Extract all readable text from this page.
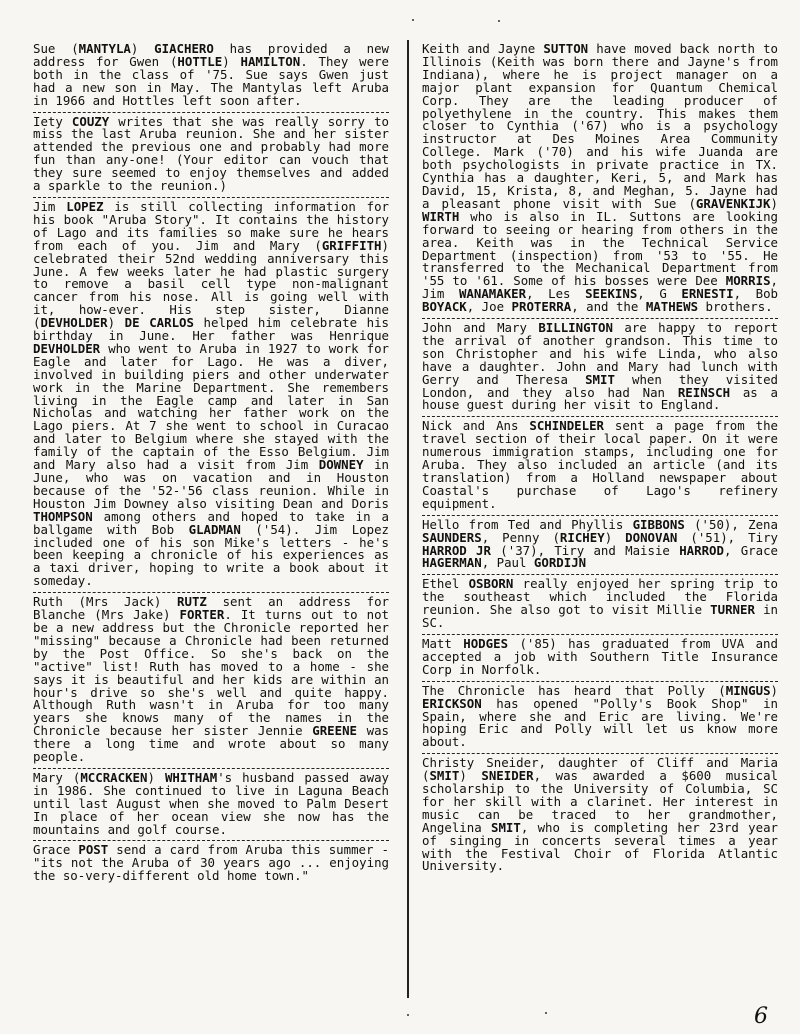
Sue (MANTYLA) GIACHERO has provided a new address for Gwen (HOTTLE) HAMILTON. They were both in the class of '75. Sue says Gwen just had a new son in May. The Mantylas left Aruba in 1966 and Hottles left soon after.

Iety COUZY writes that she was really sorry to miss the last Aruba reunion. She and her sister attended the previous one and probably had more fun than any-one! (Your editor can vouch that they sure seemed to enjoy themselves and added a sparkle to the reunion.)

Jim LOPEZ is still collecting information for his book "Aruba Story". It contains the history of Lago and its families so make sure he hears from each of you. Jim and Mary (GRIFFITH) celebrated their 52nd wedding anniversary this June. A few weeks later he had plastic surgery to remove a basil cell type non-malignant cancer from his nose. All is going well with it, how-ever. His step sister, Dianne (DEVHOLDER) DE CARLOS helped him celebrate his birthday in June. Her father was Henrique DEVHOLDER who went to Aruba in 1927 to work for Eagle and later for Lago. He was a diver, involved in building piers and other underwater work in the Marine Department. She remembers living in the Eagle camp and later in San Nicholas and watching her father work on the Lago piers. At 7 she went to school in Curacao and later to Belgium where she stayed with the family of the captain of the Esso Belgium. Jim and Mary also had a visit from Jim DOWNEY in June, who was on vacation and in Houston because of the '52-'56 class reunion. While in Houston Jim Downey also visiting Dean and Doris THOMPSON among others and hoped to take in a ballgame with Bob GLADMAN ('54). Jim Lopez included one of his son Mike's letters - he's been keeping a chronicle of his experiences as a taxi driver, hoping to write a book about it someday.

Ruth (Mrs Jack) RUTZ sent an address for Blanche (Mrs Jake) FORTER. It turns out to not be a new address but the Chronicle reported her "missing" because a Chronicle had been returned by the Post Office. So she's back on the "active" list! Ruth has moved to a home - she says it is beautiful and her kids are within an hour's drive so she's well and quite happy. Although Ruth wasn't in Aruba for too many years she knows many of the names in the Chronicle because her sister Jennie GREENE was there a long time and wrote about so many people.

Mary (MCCRACKEN) WHITHAM's husband passed away in 1986. She continued to live in Laguna Beach until last August when she moved to Palm Desert In place of her ocean view she now has the mountains and golf course.

Grace POST send a card from Aruba this summer -"its not the Aruba of 30 years ago ... enjoying the so-very-different old home town."

Keith and Jayne SUTTON have moved back north to Illinois (Keith was born there and Jayne's from Indiana), where he is project manager on a major plant expansion for Quantum Chemical Corp. They are the leading producer of polyethylene in the country. This makes them closer to Cynthia ('67) who is a psychology instructor at Des Moines Area Community College. Mark ('70) and his wife Juanda are both psychologists in private practice in TX. Cynthia has a daughter, Keri, 5, and Mark has David, 15, Krista, 8, and Meghan, 5. Jayne had a pleasant phone visit with Sue (GRAVENKIJK) WIRTH who is also in IL. Suttons are looking forward to seeing or hearing from others in the area. Keith was in the Technical Service Department (inspection) from '53 to '55. He transferred to the Mechanical Department from '55 to '61. Some of his bosses were Dee MORRIS, Jim WANAMAKER, Les SEEKINS, G ERNESTI, Bob BOYACK, Joe PROTERRA, and the MATHEWS brothers.

John and Mary BILLINGTON are happy to report the arrival of another grandson. This time to son Christopher and his wife Linda, who also have a daughter. John and Mary had lunch with Gerry and Theresa SMIT when they visited London, and they also had Nan REINSCH as a house guest during her visit to England.

Nick and Ans SCHINDELER sent a page from the travel section of their local paper. On it were numerous immigration stamps, including one for Aruba. They also included an article (and its translation) from a Holland newspaper about Coastal's purchase of Lago's refinery equipment.

Hello from Ted and Phyllis GIBBONS ('50), Zena SAUNDERS, Penny (RICHEY) DONOVAN ('51), Tiry HARROD JR ('37), Tiry and Maisie HARROD, Grace HAGERMAN, Paul GORDIJN

Ethel OSBORN really enjoyed her spring trip to the southeast which included the Florida reunion. She also got to visit Millie TURNER in SC.

Matt HODGES ('85) has graduated from UVA and accepted a job with Southern Title Insurance Corp in Norfolk.

The Chronicle has heard that Polly (MINGUS) ERICKSON has opened "Polly's Book Shop" in Spain, where she and Eric are living. We're hoping Eric and Polly will let us know more about.

Christy Sneider, daughter of Cliff and Maria (SMIT) SNEIDER, was awarded a $600 musical scholarship to the University of Columbia, SC for her skill with a clarinet. Her interest in music can be traced to her grandmother, Angelina SMIT, who is completing her 23rd year of singing in concerts several times a year with the Festival Choir of Florida Atlantic University.

6
